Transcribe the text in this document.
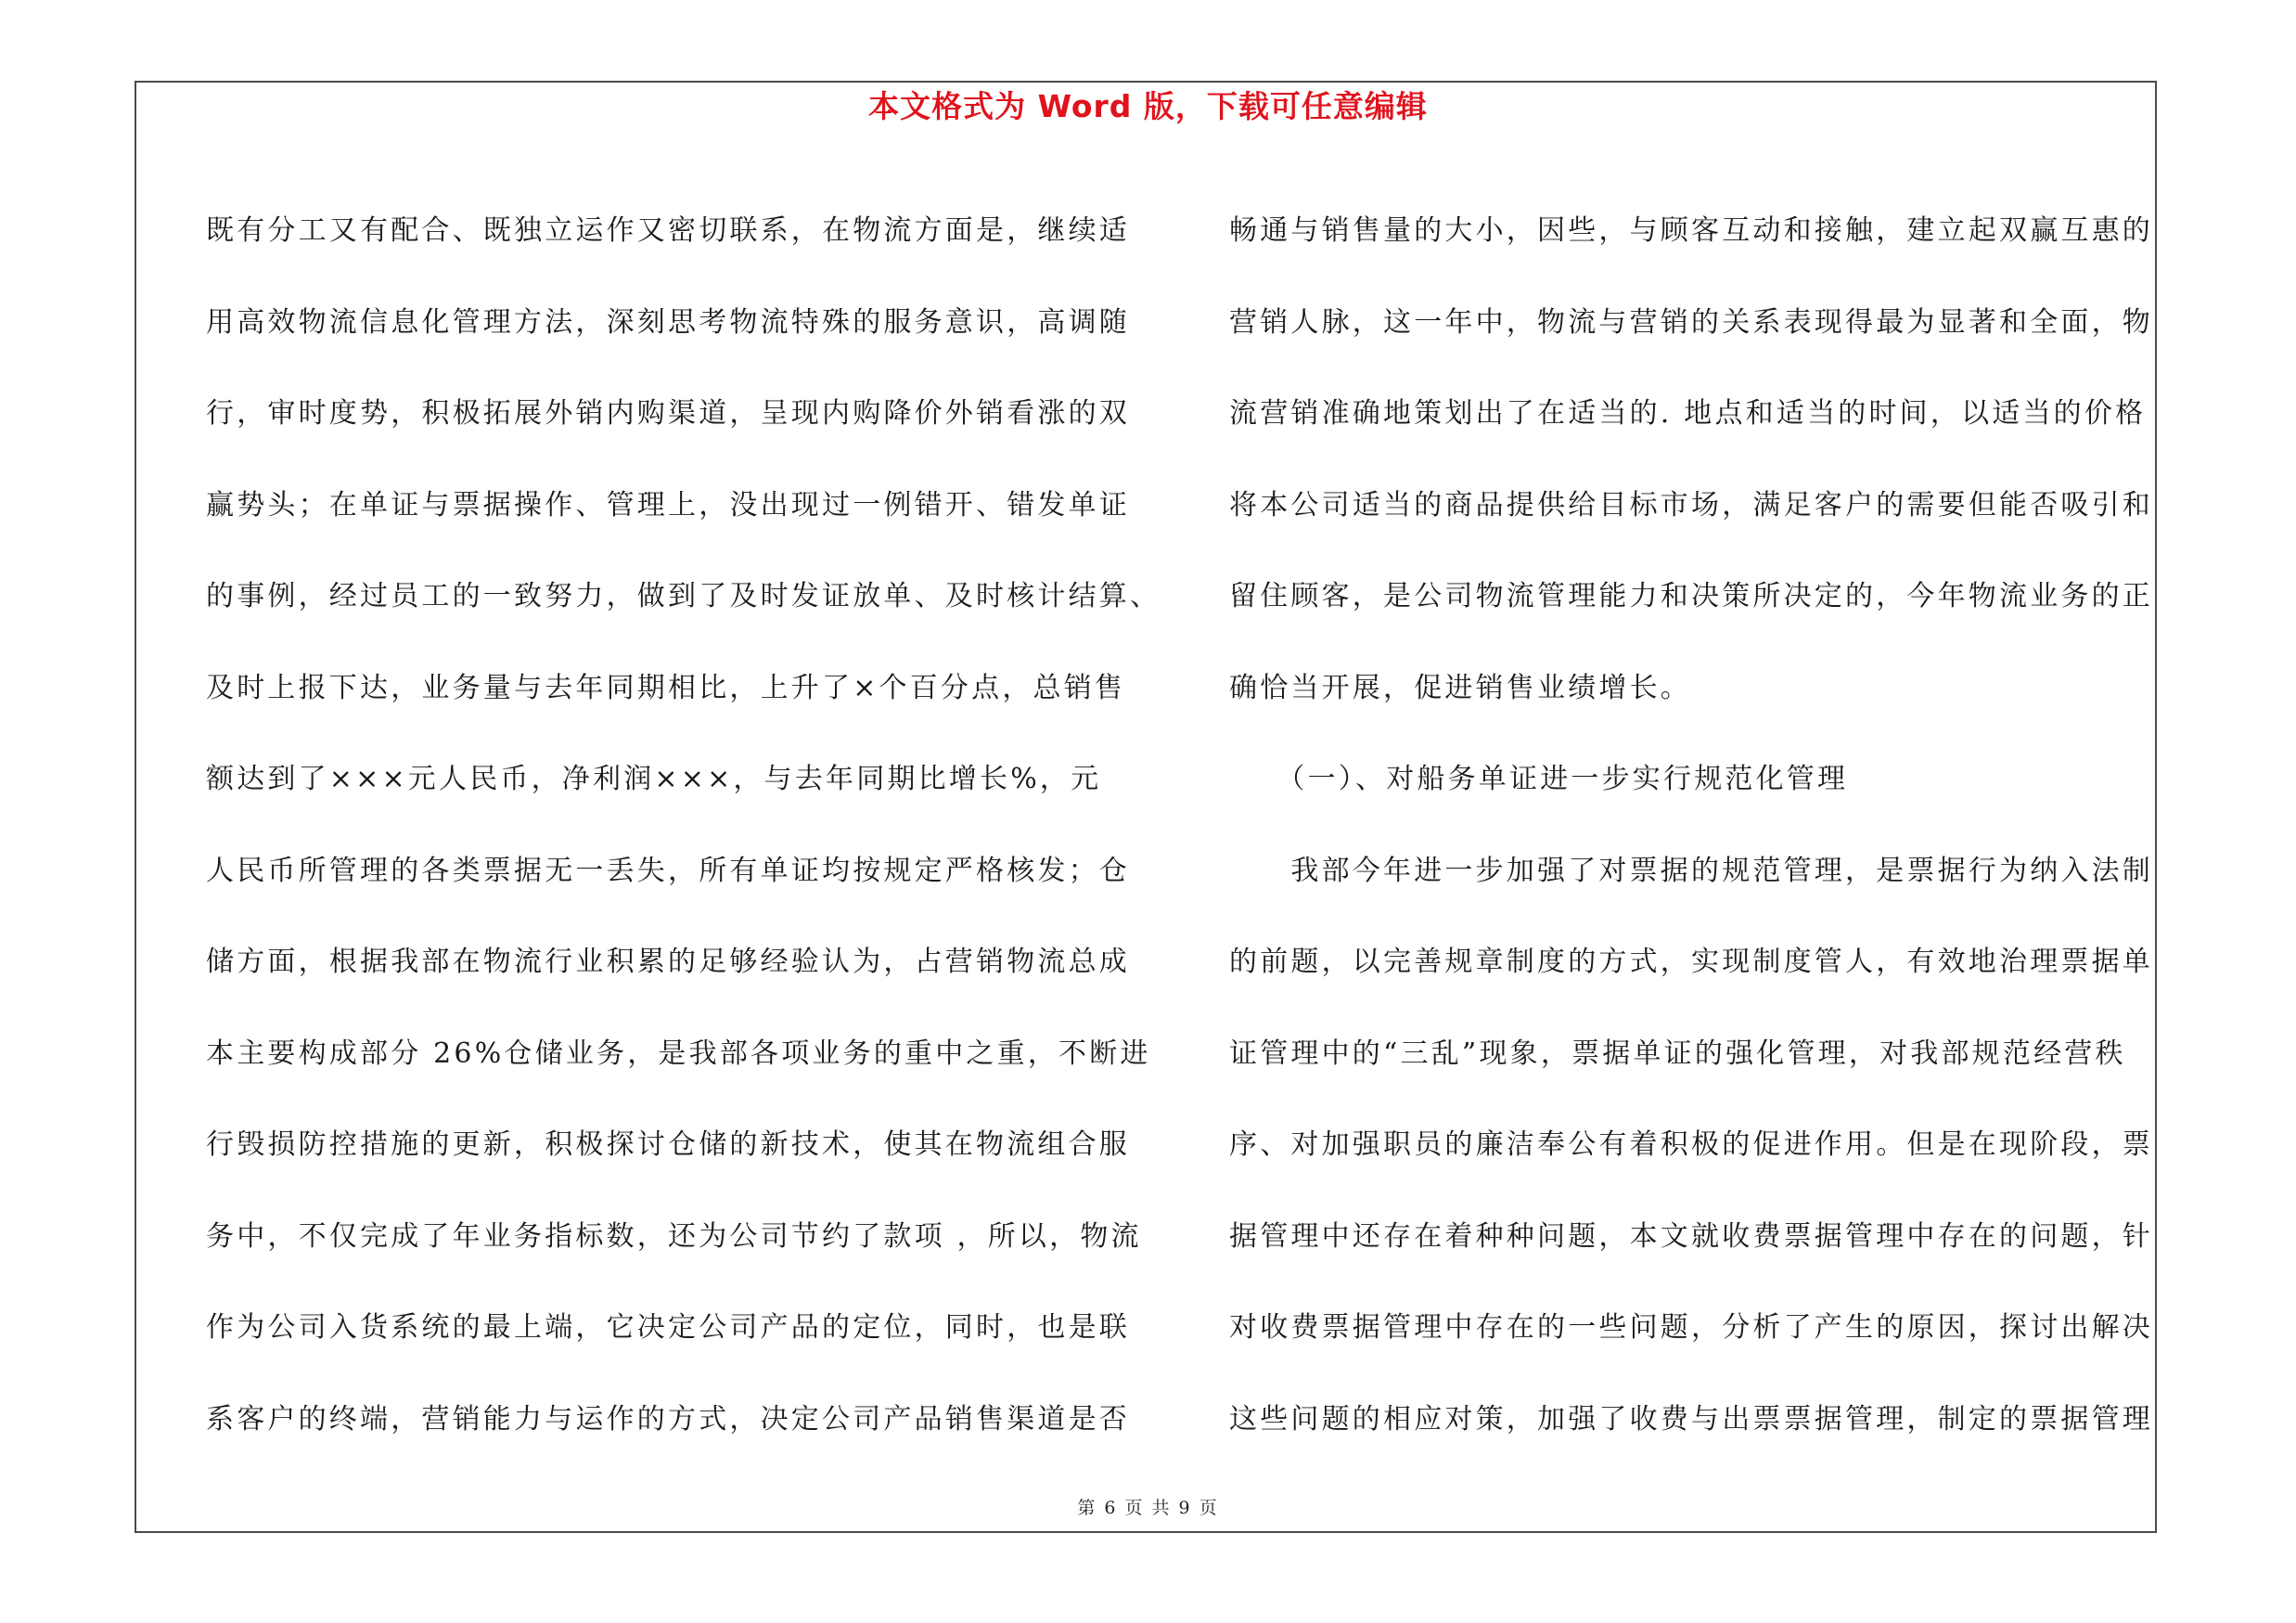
本文格式为 Word 版，下载可任意编辑
既有分工又有配合、既独立运作又密切联系，在物流方面是，继续适
用高效物流信息化管理方法，深刻思考物流特殊的服务意识，高调随
行，审时度势，积极拓展外销内购渠道，呈现内购降价外销看涨的双
赢势头；在单证与票据操作、管理上，没出现过一例错开、错发单证
的事例，经过员工的一致努力，做到了及时发证放单、及时核计结算、
及时上报下达，业务量与去年同期相比，上升了×个百分点，总销售
额达到了×××元人民币，净利润×××，与去年同期比增长%，元
人民币所管理的各类票据无一丢失，所有单证均按规定严格核发；仓
储方面，根据我部在物流行业积累的足够经验认为，占营销物流总成
本主要构成部分 26%仓储业务，是我部各项业务的重中之重，不断进
行毁损防控措施的更新，积极探讨仓储的新技术，使其在物流组合服
务中，不仅完成了年业务指标数，还为公司节约了款项 ，所以，物流
作为公司入货系统的最上端，它决定公司产品的定位，同时，也是联
系客户的终端，营销能力与运作的方式，决定公司产品销售渠道是否
畅通与销售量的大小，因些，与顾客互动和接触，建立起双赢互惠的
营销人脉，这一年中，物流与营销的关系表现得最为显著和全面，物
流营销准确地策划出了在适当的. 地点和适当的时间，以适当的价格
将本公司适当的商品提供给目标市场，满足客户的需要但能否吸引和
留住顾客，是公司物流管理能力和决策所决定的，今年物流业务的正
确恰当开展，促进销售业绩增长。
　　（一）、对船务单证进一步实行规范化管理
　　我部今年进一步加强了对票据的规范管理，是票据行为纳入法制
的前题，以完善规章制度的方式，实现制度管人，有效地治理票据单
证管理中的“三乱”现象，票据单证的强化管理，对我部规范经营秩
序、对加强职员的廉洁奉公有着积极的促进作用。但是在现阶段，票
据管理中还存在着种种问题，本文就收费票据管理中存在的问题，针
对收费票据管理中存在的一些问题，分析了产生的原因，探讨出解决
这些问题的相应对策，加强了收费与出票票据管理，制定的票据管理
第 6 页 共 9 页
